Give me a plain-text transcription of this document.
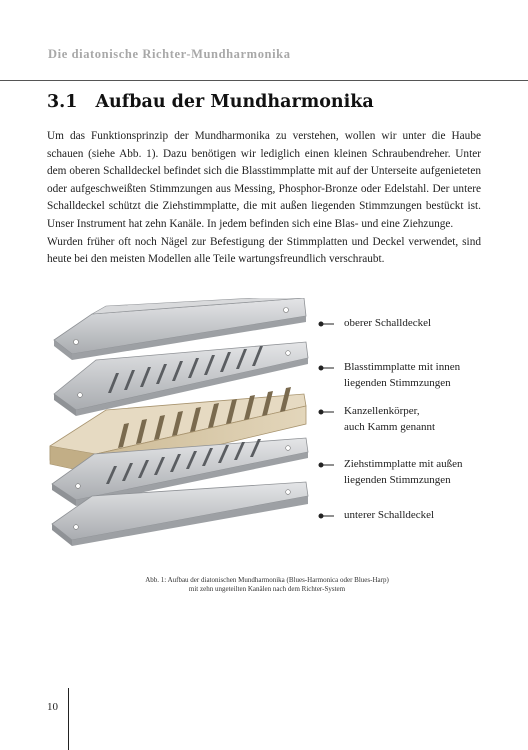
Die diatonische Richter-Mundharmonika
3.1 Aufbau der Mundharmonika

Um das Funktionsprinzip der Mundharmonika zu verstehen, wollen wir unter die Haube schauen (siehe Abb. 1). Dazu benötigen wir lediglich einen kleinen Schraubendreher. Unter dem oberen Schalldeckel befindet sich die Blasstimmplatte mit auf der Unterseite aufgenieteten oder aufgeschweißten Stimmzungen aus Messing, Phosphor-Bronze oder Edelstahl. Der untere Schalldeckel schützt die Ziehstimmplatte, die mit außen liegenden Stimmzungen bestückt ist. Unser Instrument hat zehn Kanäle. In jedem befinden sich eine Blas- und eine Ziehzunge.

Wurden früher oft noch Nägel zur Befestigung der Stimmplatten und Deckel verwendet, sind heute bei den meisten Modellen alle Teile wartungsfreundlich verschraubt.

oberer Schalldeckel
Blasstimmplatte mit innen
liegenden Stimmzungen
Kanzellenkörper,
auch Kamm genannt
Ziehstimmplatte mit außen
liegenden Stimmzungen
unterer Schalldeckel
Abb. 1: Aufbau der diatonischen Mundharmonika (Blues-Harmonica oder Blues-Harp)
mit zehn ungeteilten Kanälen nach dem Richter-System
10
